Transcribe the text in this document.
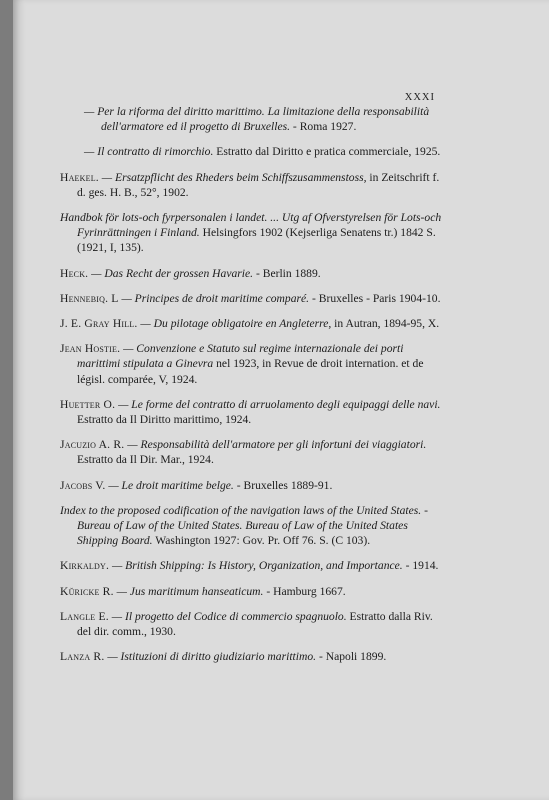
XXXI
— Per la riforma del diritto marittimo. La limitazione della responsabilità dell'armatore ed il progetto di Bruxelles. - Roma 1927.
— Il contratto di rimorchio. Estratto dal Diritto e pratica commerciale, 1925.
Haekel. — Ersatzpflicht des Rheders beim Schiffszusammenstoss, in Zeitschrift f. d. ges. H. B., 52°, 1902.
Handbok för lots-och fyrpersonalen i landet. ... Utg af Ofverstyrelsen för Lots-och Fyrinrättningen i Finland. Helsingfors 1902 (Kejserliga Senatens tr.) 1842 S. (1921, I, 135).
Heck. — Das Recht der grossen Havarie. - Berlin 1889.
Hennebiq. L — Principes de droit maritime comparé. - Bruxelles - Paris 1904-10.
J. E. Gray Hill. — Du pilotage obligatoire en Angleterre, in Autran, 1894-95, X.
Jean Hostie. — Convenzione e Statuto sul regime internazionale dei porti marittimi stipulata a Ginevra nel 1923, in Revue de droit internation. et de législ. comparée, V, 1924.
Huetter O. — Le forme del contratto di arruolamento degli equipaggi delle navi. Estratto da Il Diritto marittimo, 1924.
Jacuzio A. R. — Responsabilità dell'armatore per gli infortuni dei viaggiatori. Estratto da Il Dir. Mar., 1924.
Jacobs V. — Le droit maritime belge. - Bruxelles 1889-91.
Index to the proposed codification of the navigation laws of the United States. - Bureau of Law of the United States. Bureau of Law of the United States Shipping Board. Washington 1927: Gov. Pr. Off 76. S. (C 103).
Kirkaldy. — British Shipping: Is History, Organization, and Importance. - 1914.
Kŭricke R. — Jus maritimum hanseaticum. - Hamburg 1667.
Langle E. — Il progetto del Codice di commercio spagnuolo. Estratto dalla Riv. del dir. comm., 1930.
Lanza R. — Istituzioni di diritto giudiziario marittimo. - Napoli 1899.
